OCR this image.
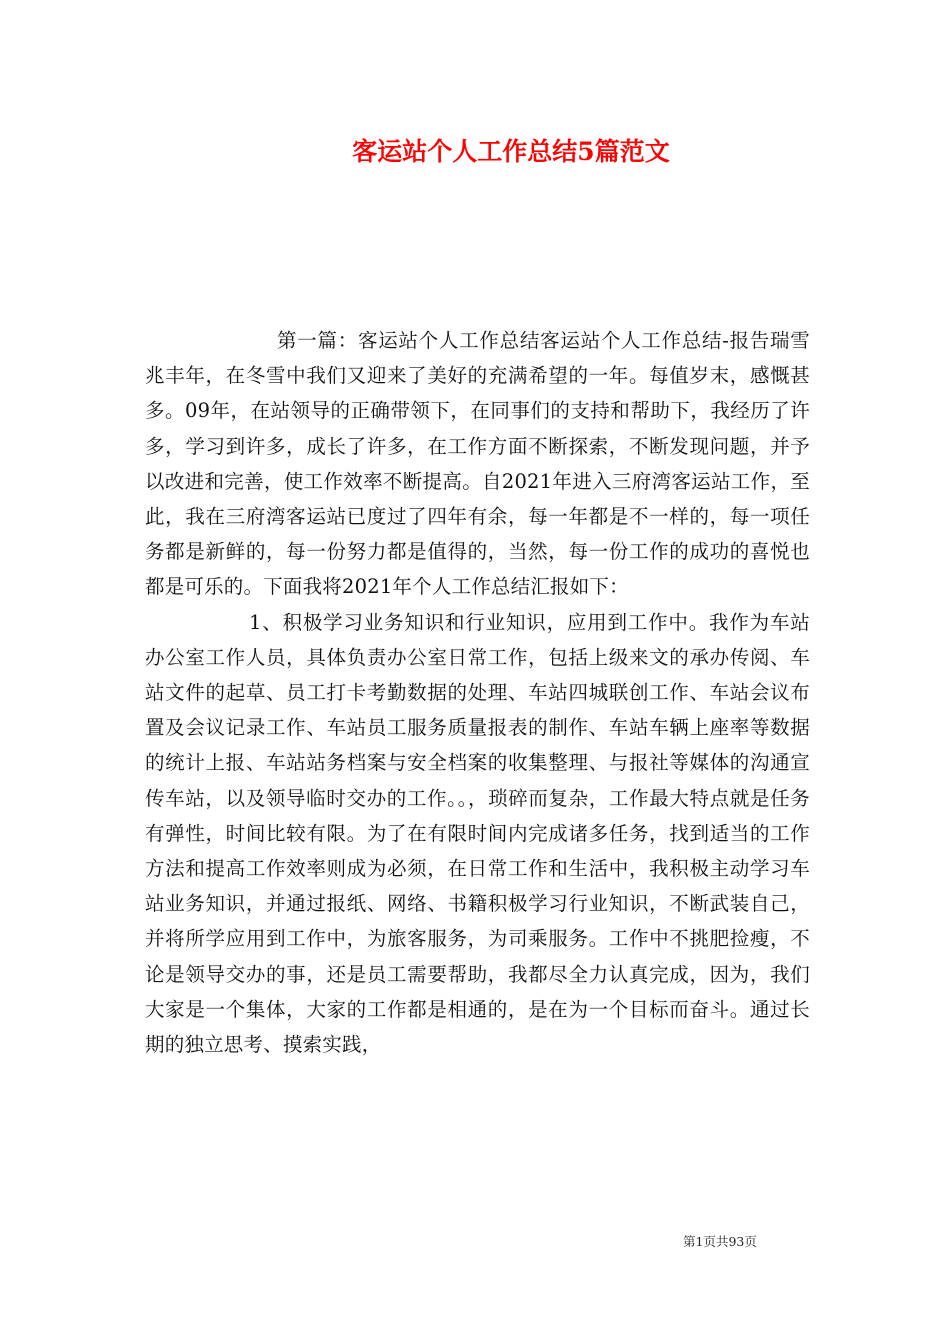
客运站个人工作总结5篇范文

第一篇：客运站个人工作总结客运站个人工作总结-报告瑞雪兆丰年，在冬雪中我们又迎来了美好的充满希望的一年。每值岁末，感慨甚多。09年，在站领导的正确带领下，在同事们的支持和帮助下，我经历了许多，学习到许多，成长了许多，在工作方面不断探索，不断发现问题，并予以改进和完善，使工作效率不断提高。自2021年进入三府湾客运站工作，至此，我在三府湾客运站已度过了四年有余，每一年都是不一样的，每一项任务都是新鲜的，每一份努力都是值得的，当然，每一份工作的成功的喜悦也都是可乐的。下面我将2021年个人工作总结汇报如下：

1、积极学习业务知识和行业知识，应用到工作中。我作为车站办公室工作人员，具体负责办公室日常工作，包括上级来文的承办传阅、车站文件的起草、员工打卡考勤数据的处理、车站四城联创工作、车站会议布置及会议记录工作、车站员工服务质量报表的制作、车站车辆上座率等数据的统计上报、车站站务档案与安全档案的收集整理、与报社等媒体的沟通宣传车站，以及领导临时交办的工作。。，琐碎而复杂，工作最大特点就是任务有弹性，时间比较有限。为了在有限时间内完成诸多任务，找到适当的工作方法和提高工作效率则成为必须，在日常工作和生活中，我积极主动学习车站业务知识，并通过报纸、网络、书籍积极学习行业知识，不断武装自己，并将所学应用到工作中，为旅客服务，为司乘服务。工作中不挑肥捡瘦，不论是领导交办的事，还是员工需要帮助，我都尽全力认真完成，因为，我们大家是一个集体，大家的工作都是相通的，是在为一个目标而奋斗。通过长期的独立思考、摸索实践，

第1页共93页
